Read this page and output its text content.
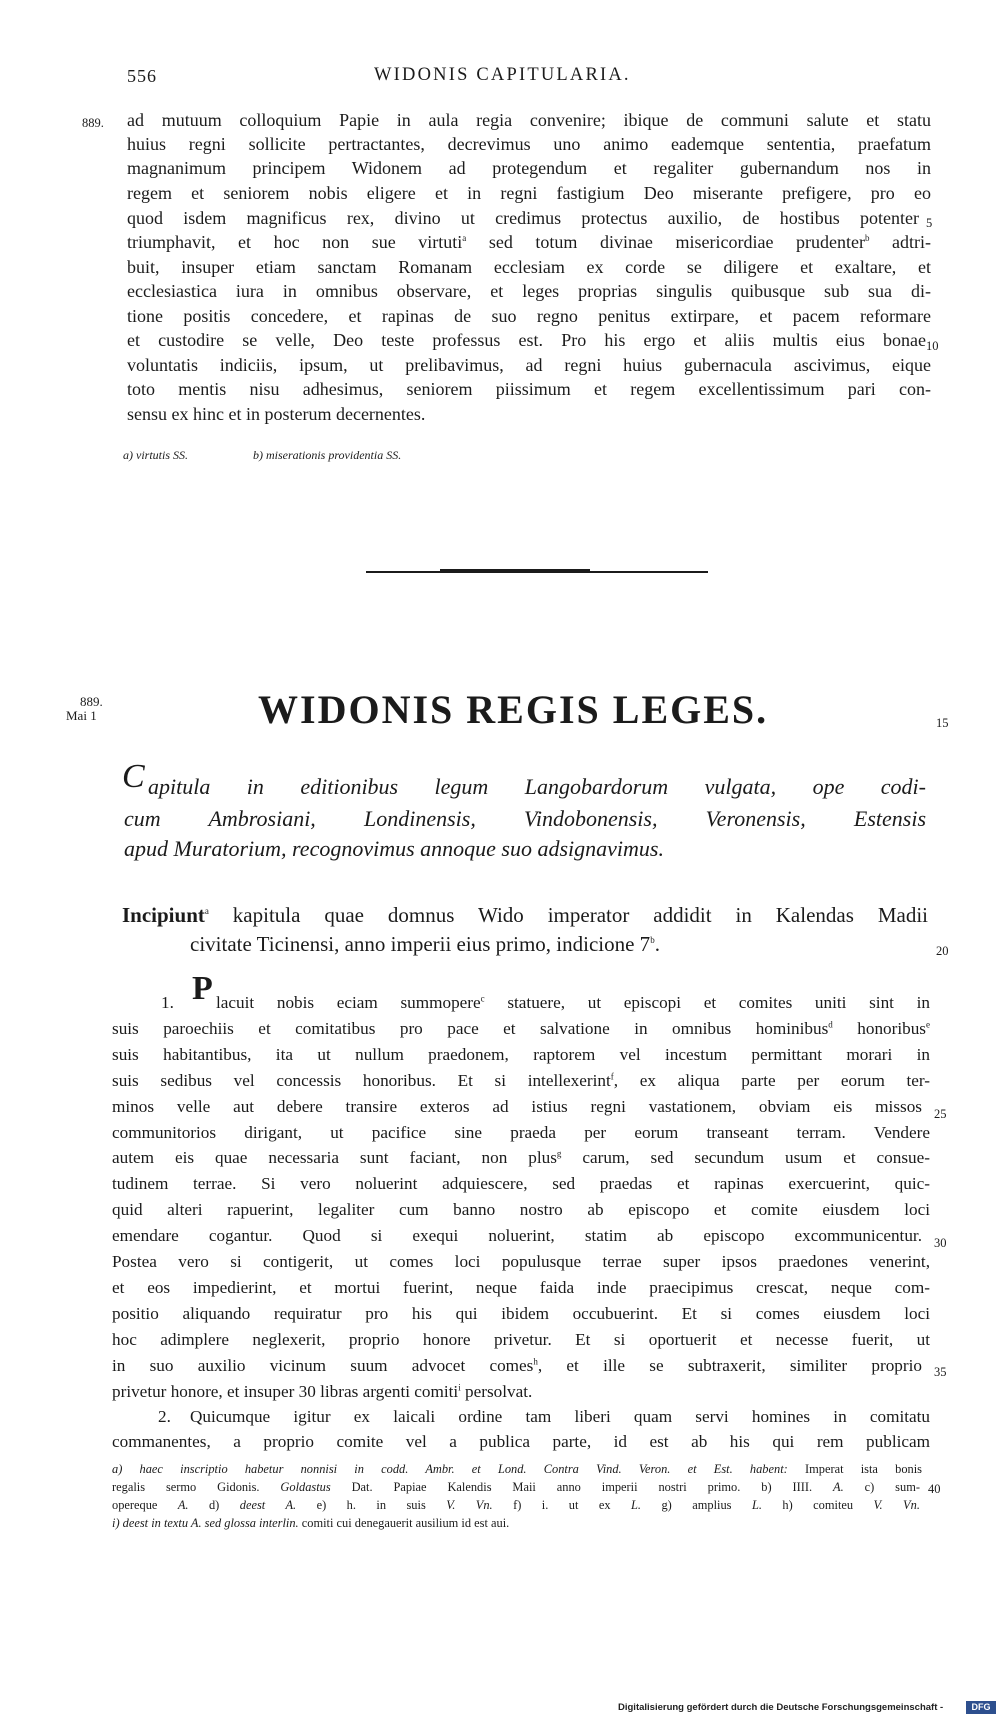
556	WIDONIS CAPITULARIA.
889. ad mutuum colloquium Papie in aula regia convenire; ibique de communi salute et statu
huius regni sollicite pertractantes, decrevimus uno animo eademque sententia, praefatum
magnanimum principem Widonem ad protegendum et regaliter gubernandum nos in
regem et seniorem nobis eligere et in regni fastigium Deo miserante prefigere, pro eo
quod isdem magnificus rex, divino ut credimus protectus auxilio, de hostibus potenter
triumphavit, et hoc non sue virtuti$^a$ sed totum divinae misericordiae prudenter$^b$ adtri-
buit, insuper etiam sanctam Romanam ecclesiam ex corde se diligere et exaltare, et
ecclesiastica iura in omnibus observare, et leges proprias singulis quibusque sub sua di-
tione positis concedere, et rapinas de suo regno penitus extirpare, et pacem reformare
et custodire se velle, Deo teste professus est. Pro his ergo et aliis multis eius bonae
voluntatis indiciis, ipsum, ut prelibavimus, ad regni huius gubernacula ascivimus, eique
toto mentis nisu adhesimus, seniorem piissimum et regem excellentissimum pari con-
sensu ex hinc et in posterum decernentes.
5
10
a) virtutis SS.	b) miserationis providentia SS.
889.
Mai 1	WIDONIS REGIS LEGES.	15
C apitula in editionibus legum Langobardorum vulgata, ope codi-
cum Ambrosiani, Londinensis, Vindobonensis, Veronensis, Estensis
apud Muratorium, recognovimus annoque suo adsignavimus.
Incipiunt$^a$ kapitula quae domnus Wido imperator addidit in Kalendas Madii
civitate Ticinensi, anno imperii eius primo, indicione 7$^b$.	20
1. P lacuit nobis eciam summopere$^c$ statuere, ut episcopi et comites uniti sint in
suis paroechiis et comitatibus pro pace et salvatione in omnibus hominibus$^d$ honoribus$^e$
suis habitantibus, ita ut nullum praedonem, raptorem vel incestum permittant morari in
suis sedibus vel concessis honoribus. Et si intellexerint$^f$, ex aliqua parte per eorum ter-
minos velle aut debere transire exteros ad istius regni vastationem, obviam eis missos
communitorios dirigant, ut pacifice sine praeda per eorum transeant terram. Vendere
autem eis quae necessaria sunt faciant, non plus$^g$ carum, sed secundum usum et consue-
tudinem terrae. Si vero noluerint adquiescere, sed praedas et rapinas exercuerint, quic-
quid alteri rapuerint, legaliter cum banno nostro ab episcopo et comite eiusdem loci
emendare cogantur. Quod si exequi noluerint, statim ab episcopo excommunicentur.
Postea vero si contigerit, ut comes loci populusque terrae super ipsos praedones venerint,
et eos impedierint, et mortui fuerint, neque faida inde praecipimus crescat, neque com-
positio aliquando requiratur pro his qui ibidem occubuerint. Et si comes eiusdem loci
hoc adimplere neglexerit, proprio honore privetur. Et si oportuerit et necesse fuerit, ut
in suo auxilio vicinum suum advocet comes$^h$, et ille se subtraxerit, similiter proprio
privetur honore, et insuper 30 libras argenti comiti$^i$ persolvat.
25
30
35
2.	Quicumque igitur ex laicali ordine tam liberi quam servi homines in comitatu
commanentes, a proprio comite vel a publica parte, id est ab his qui rem publicam
a) haec inscriptio habetur nonnisi in codd. Ambr. et Lond. Contra Vind. Veron. et Est. habent: Imperat ista bonis
regalis sermo Gidonis. Goldastus Dat. Papiae Kalendis Maii anno imperii nostri primo. b) IIII. A. c) sum-
opereque A. d) deest A. e) h. in suis V. Vn. f) i. ut ex L. g) amplius L. h) comiteu V. Vn.
i) deest in textu A. sed glossa interlin. comiti cui denegauerit ausilium id est aui.
40
Digitalisierung gefördert durch die Deutsche Forschungsgemeinschaft -	DFG
